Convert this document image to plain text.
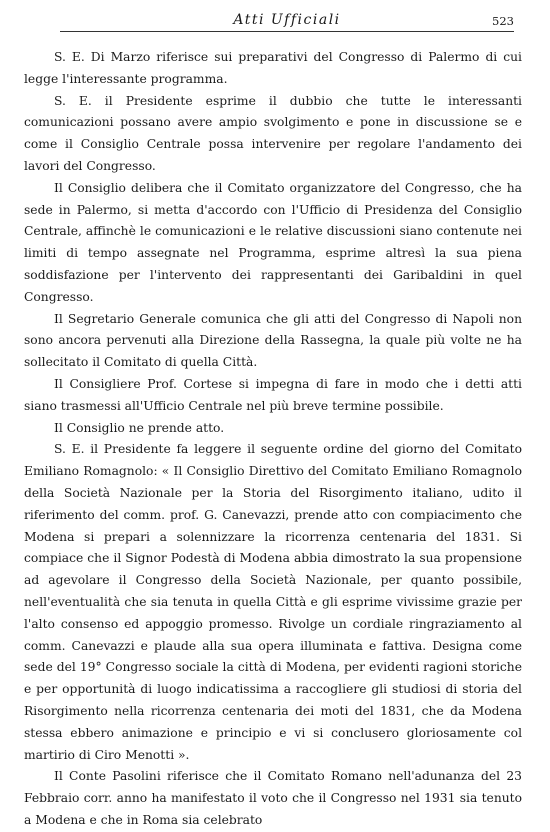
Atti Ufficiali	523

S. E. Di Marzo riferisce sui preparativi del Congresso di Palermo di cui legge l'interessante programma.

S. E. il Presidente esprime il dubbio che tutte le interessanti comunicazioni possano avere ampio svolgimento e pone in discussione se e come il Consiglio Centrale possa intervenire per regolare l'andamento dei lavori del Congresso.

Il Consiglio delibera che il Comitato organizzatore del Congresso, che ha sede in Palermo, si metta d'accordo con l'Ufficio di Presidenza del Consiglio Centrale, affinchè le comunicazioni e le relative discussioni siano contenute nei limiti di tempo assegnate nel Programma, esprime altresì la sua piena soddisfazione per l'intervento dei rappresentanti dei Garibaldini in quel Congresso.

Il Segretario Generale comunica che gli atti del Congresso di Napoli non sono ancora pervenuti alla Direzione della Rassegna, la quale più volte ne ha sollecitato il Comitato di quella Città.

Il Consigliere Prof. Cortese si impegna di fare in modo che i detti atti siano trasmessi all'Ufficio Centrale nel più breve termine possibile.

Il Consiglio ne prende atto.

S. E. il Presidente fa leggere il seguente ordine del giorno del Comitato Emiliano Romagnolo: « Il Consiglio Direttivo del Comitato Emiliano Romagnolo della Società Nazionale per la Storia del Risorgimento italiano, udito il riferimento del comm. prof. G. Canevazzi, prende atto con compiacimento che Modena si prepari a solennizzare la ricorrenza centenaria del 1831. Si compiace che il Signor Podestà di Modena abbia dimostrato la sua propensione ad agevolare il Congresso della Società Nazionale, per quanto possibile, nell'eventualità che sia tenuta in quella Città e gli esprime vivissime grazie per l'alto consenso ed appoggio promesso. Rivolge un cordiale ringraziamento al comm. Canevazzi e plaude alla sua opera illuminata e fattiva. Designa come sede del 19° Congresso sociale la città di Modena, per evidenti ragioni storiche e per opportunità di luogo indicatissima a raccogliere gli studiosi di storia del Risorgimento nella ricorrenza centenaria dei moti del 1831, che da Modena stessa ebbero animazione e principio e vi si conclusero gloriosamente col martirio di Ciro Menotti ».

Il Conte Pasolini riferisce che il Comitato Romano nell'adunanza del 23 Febbraio corr. anno ha manifestato il voto che il Congresso nel 1931 sia tenuto a Modena e che in Roma sia celebrato
